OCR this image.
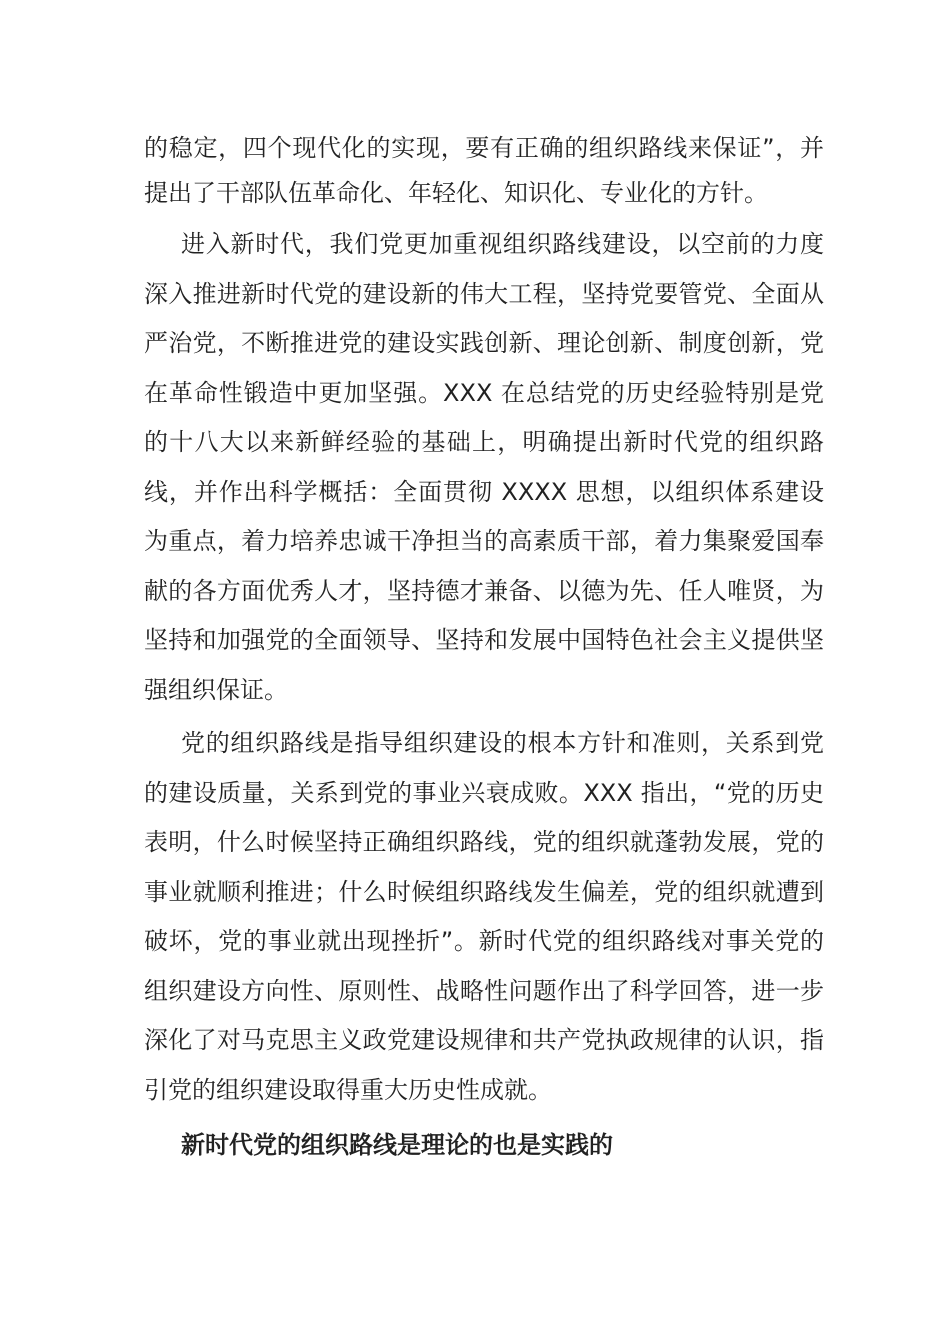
的稳定，四个现代化的实现，要有正确的组织路线来保证”，并提出了干部队伍革命化、年轻化、知识化、专业化的方针。

进入新时代，我们党更加重视组织路线建设，以空前的力度深入推进新时代党的建设新的伟大工程，坚持党要管党、全面从严治党，不断推进党的建设实践创新、理论创新、制度创新，党在革命性锻造中更加坚强。XXX 在总结党的历史经验特别是党的十八大以来新鲜经验的基础上，明确提出新时代党的组织路线，并作出科学概括：全面贯彻 XXXX 思想，以组织体系建设为重点，着力培养忠诚干净担当的高素质干部，着力集聚爱国奉献的各方面优秀人才，坚持德才兼备、以德为先、任人唯贤，为坚持和加强党的全面领导、坚持和发展中国特色社会主义提供坚强组织保证。

党的组织路线是指导组织建设的根本方针和准则，关系到党的建设质量，关系到党的事业兴衰成败。XXX 指出，“党的历史表明，什么时候坚持正确组织路线，党的组织就蓬勃发展，党的事业就顺利推进；什么时候组织路线发生偏差，党的组织就遭到破坏，党的事业就出现挫折”。新时代党的组织路线对事关党的组织建设方向性、原则性、战略性问题作出了科学回答，进一步深化了对马克思主义政党建设规律和共产党执政规律的认识，指引党的组织建设取得重大历史性成就。

新时代党的组织路线是理论的也是实践的
